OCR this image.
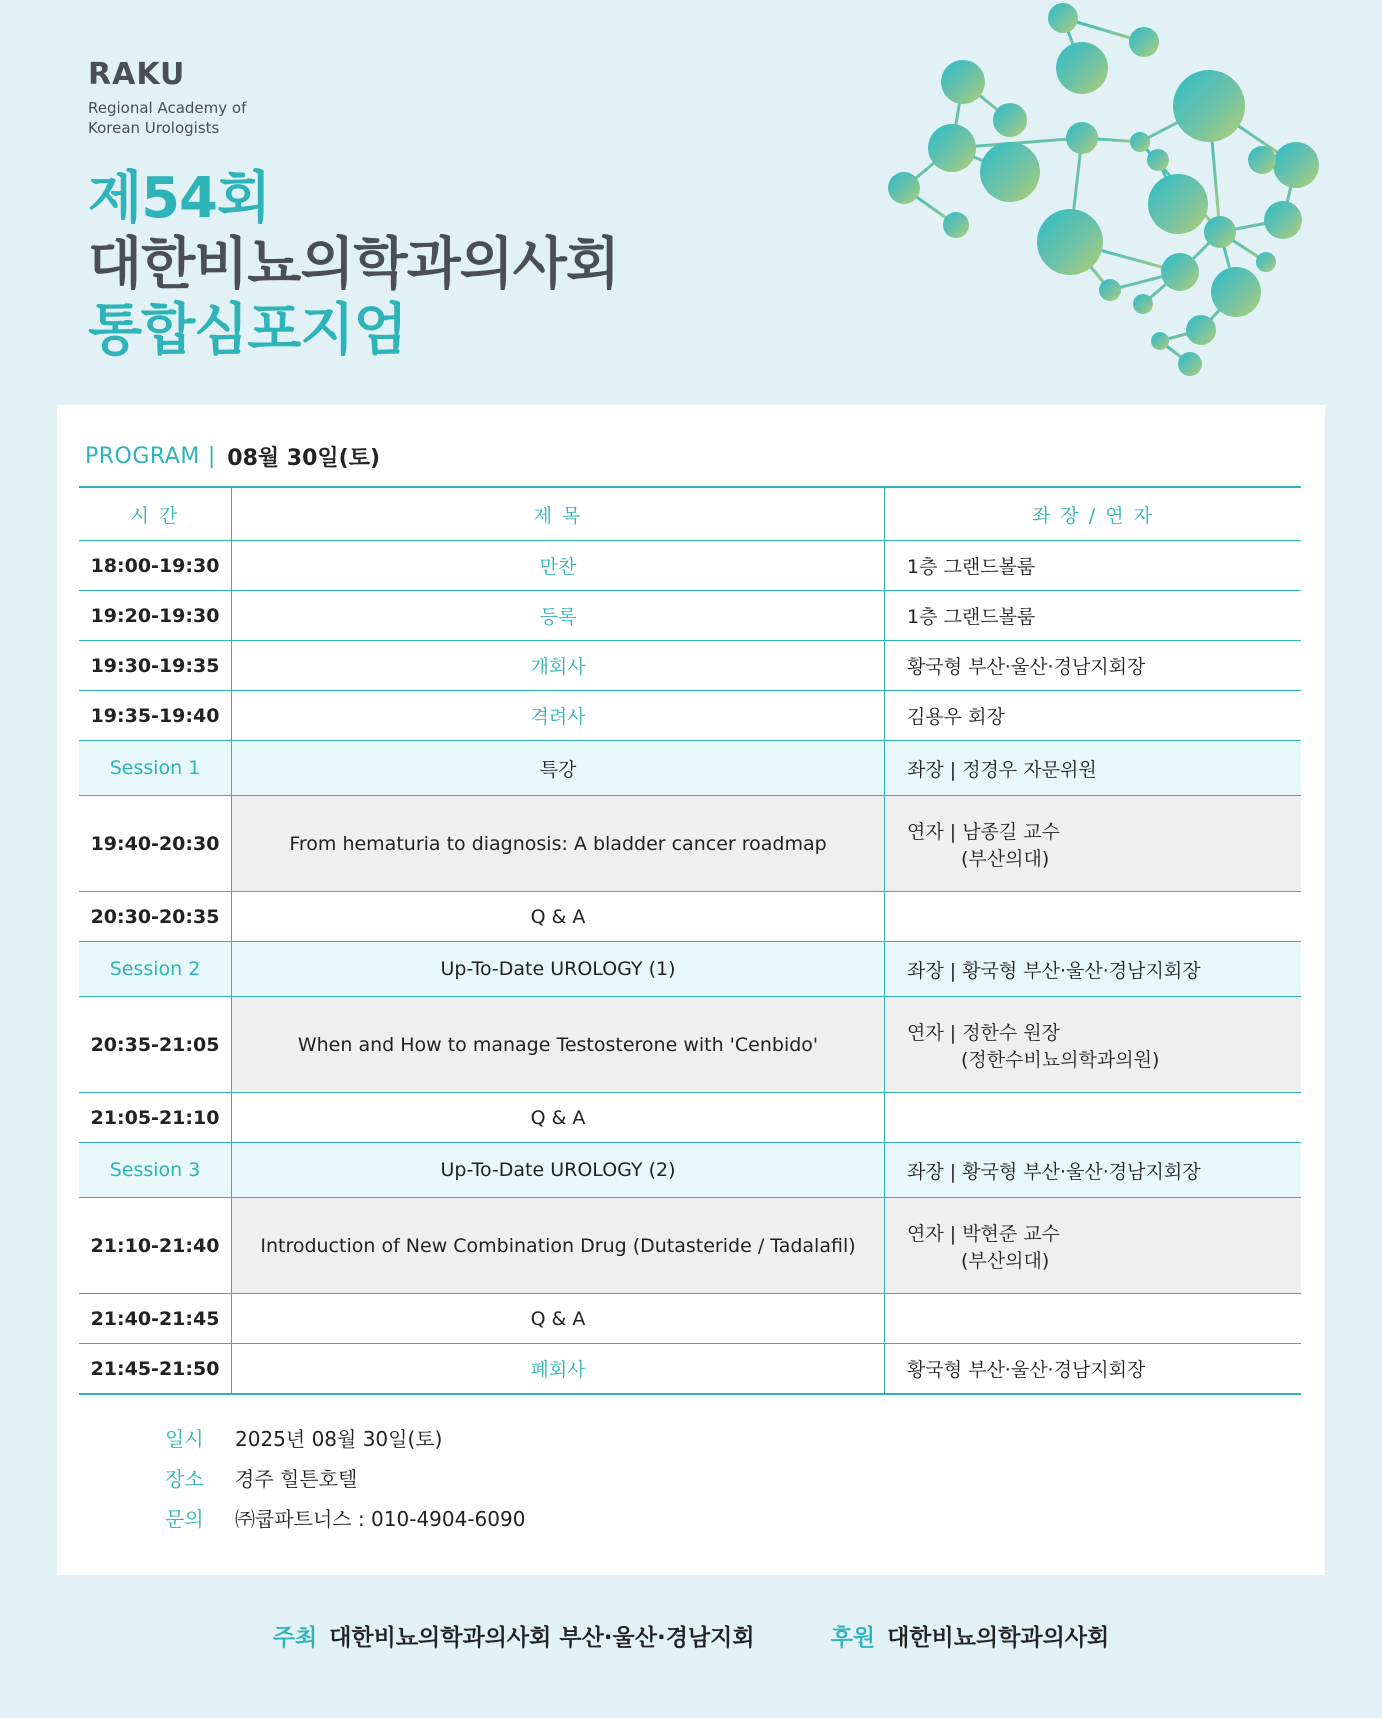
RAKU
Regional Academy of
Korean Urologists
제54회
대한비뇨의학과의사회
통합심포지엄
PROGRAM | 08월 30일(토)
시 간	제 목	좌 장 / 연 자
18:00-19:30	만찬	1층 그랜드볼룸
19:20-19:30	등록	1층 그랜드볼룸
19:30-19:35	개회사	황국형 부산·울산·경남지회장
19:35-19:40	격려사	김용우 회장
Session 1	특강	좌장 | 정경우 자문위원
19:40-20:30	From hematuria to diagnosis: A bladder cancer roadmap	연자 | 남종길 교수
(부산의대)

20:30-20:35	Q & A	
Session 2	Up-To-Date UROLOGY (1)	좌장 | 황국형 부산·울산·경남지회장
20:35-21:05	When and How to manage Testosterone with 'Cenbido'	연자 | 정한수 원장
(정한수비뇨의학과의원)

21:05-21:10	Q & A	
Session 3	Up-To-Date UROLOGY (2)	좌장 | 황국형 부산·울산·경남지회장
21:10-21:40	Introduction of New Combination Drug (Dutasteride / Tadalafil)	연자 | 박현준 교수
(부산의대)

21:40-21:45	Q & A	
21:45-21:50	폐회사	황국형 부산·울산·경남지회장
일시	2025년 08월 30일(토)
장소	경주 힐튼호텔
문의	㈜쿱파트너스 : 010-4904-6090
주최 대한비뇨의학과의사회 부산·울산·경남지회	후원 대한비뇨의학과의사회
